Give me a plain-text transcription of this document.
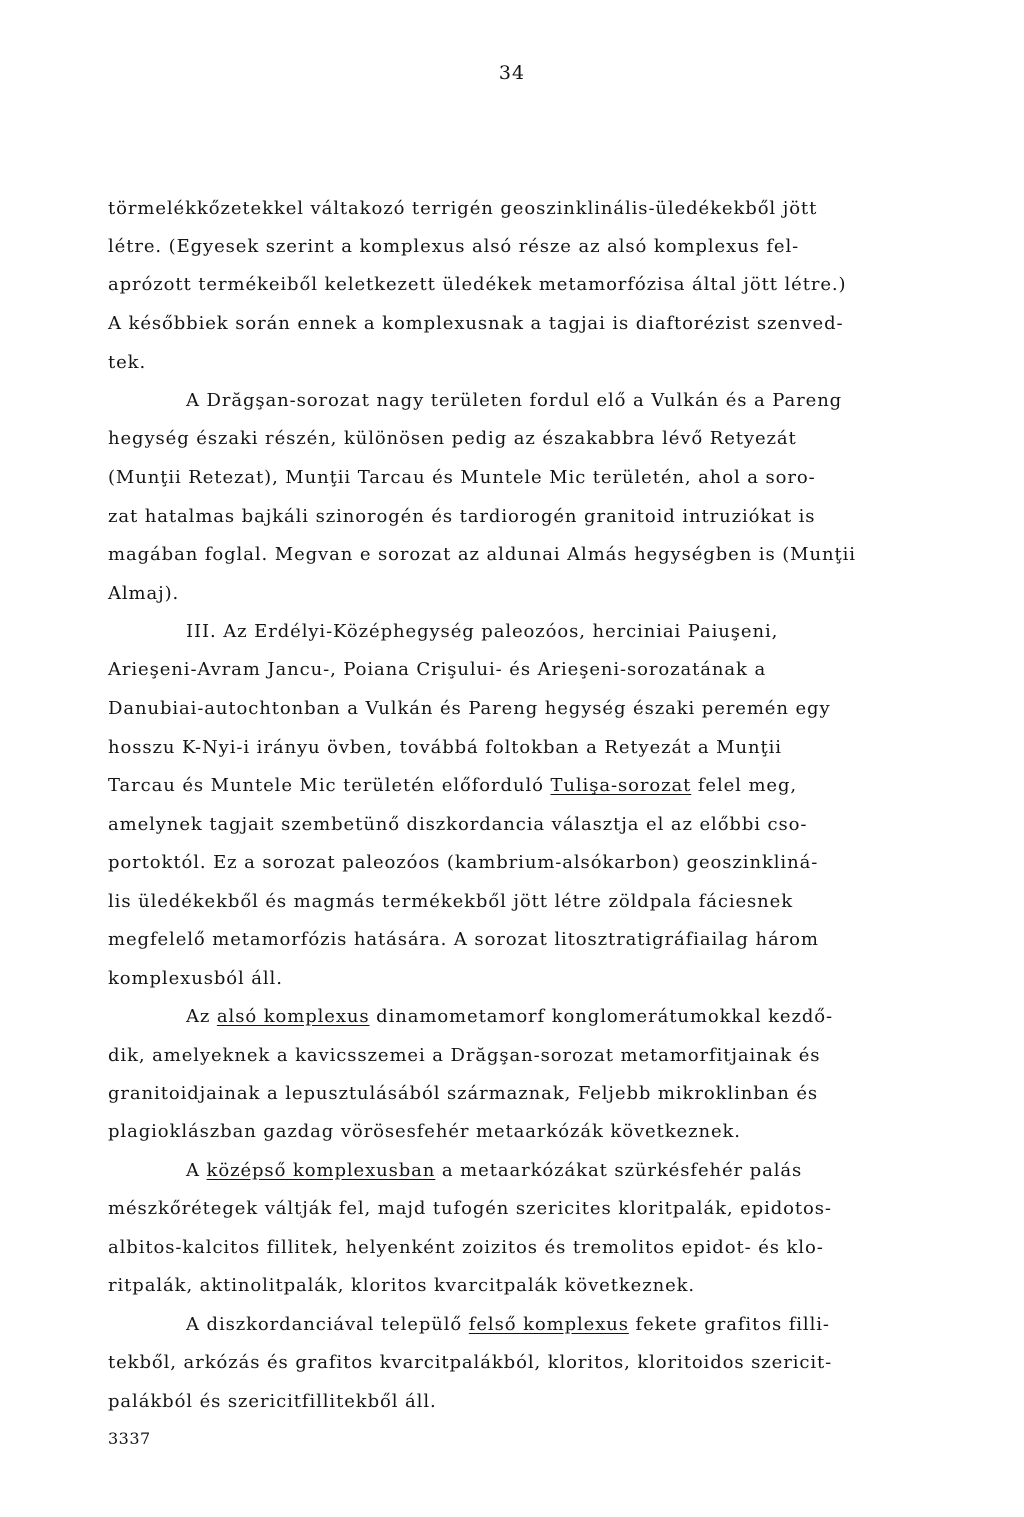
34
törmelékkőzetekkel váltakozó terrigén geoszinklinális-üledékekből jött
létre. (Egyesek szerint a komplexus alsó része az alsó komplexus fel-
aprózott termékeiből keletkezett üledékek metamorfózisa által jött létre.)
A későbbiek során ennek a komplexusnak a tagjai is diaftorézist szenved-
tek.
A Drăgşan-sorozat nagy területen fordul elő a Vulkán és a Pareng
hegység északi részén, különösen pedig az északabbra lévő Retyezát
(Munţii Retezat), Munţii Tarcau és Muntele Mic területén, ahol a soro-
zat hatalmas bajkáli szinorogén és tardiorogén granitoid intruziókat is
magában foglal. Megvan e sorozat az aldunai Almás hegységben is (Munţii
Almaj).
III. Az Erdélyi-Középhegység paleozóos, herciniai Paiuşeni,
Arieşeni-Avram Jancu-, Poiana Crişului- és Arieşeni-sorozatának a
Danubiai-autochtonban a Vulkán és Pareng hegység északi peremén egy
hosszu K-Nyi-i irányu övben, továbbá foltokban a Retyezát a Munţii
Tarcau és Muntele Mic területén előforduló Tulişa-sorozat felel meg,
amelynek tagjait szembetünő diszkordancia választja el az előbbi cso-
portoktól. Ez a sorozat paleozóos (kambrium-alsókarbon) geoszinkliná-
lis üledékekből és magmás termékekből jött létre zöldpala fáciesnek
megfelelő metamorfózis hatására. A sorozat litosztratigráfiailag három
komplexusból áll.
Az alsó komplexus dinamometamorf konglomerátumokkal kezdő-
dik, amelyeknek a kavicsszemei a Drăgşan-sorozat metamorfitjainak és
granitoidjainak a lepusztulásából származnak, Feljebb mikroklinban és
plagioklászban gazdag vörösesfehér metaarkózák következnek.
A középső komplexusban a metaarkózákat szürkésfehér palás
mészkőrétegek váltják fel, majd tufogén szericites kloritpalák, epidotos-
albitos-kalcitos fillitek, helyenként zoizitos és tremolitos epidot- és klo-
ritpalák, aktinolitpalák, kloritos kvarcitpalák következnek.
A diszkordanciával települő felső komplexus fekete grafitos filli-
tekből, arkózás és grafitos kvarcitpalákból, kloritos, kloritoidos szericit-
palákból és szericitfillitekből áll.
3337
